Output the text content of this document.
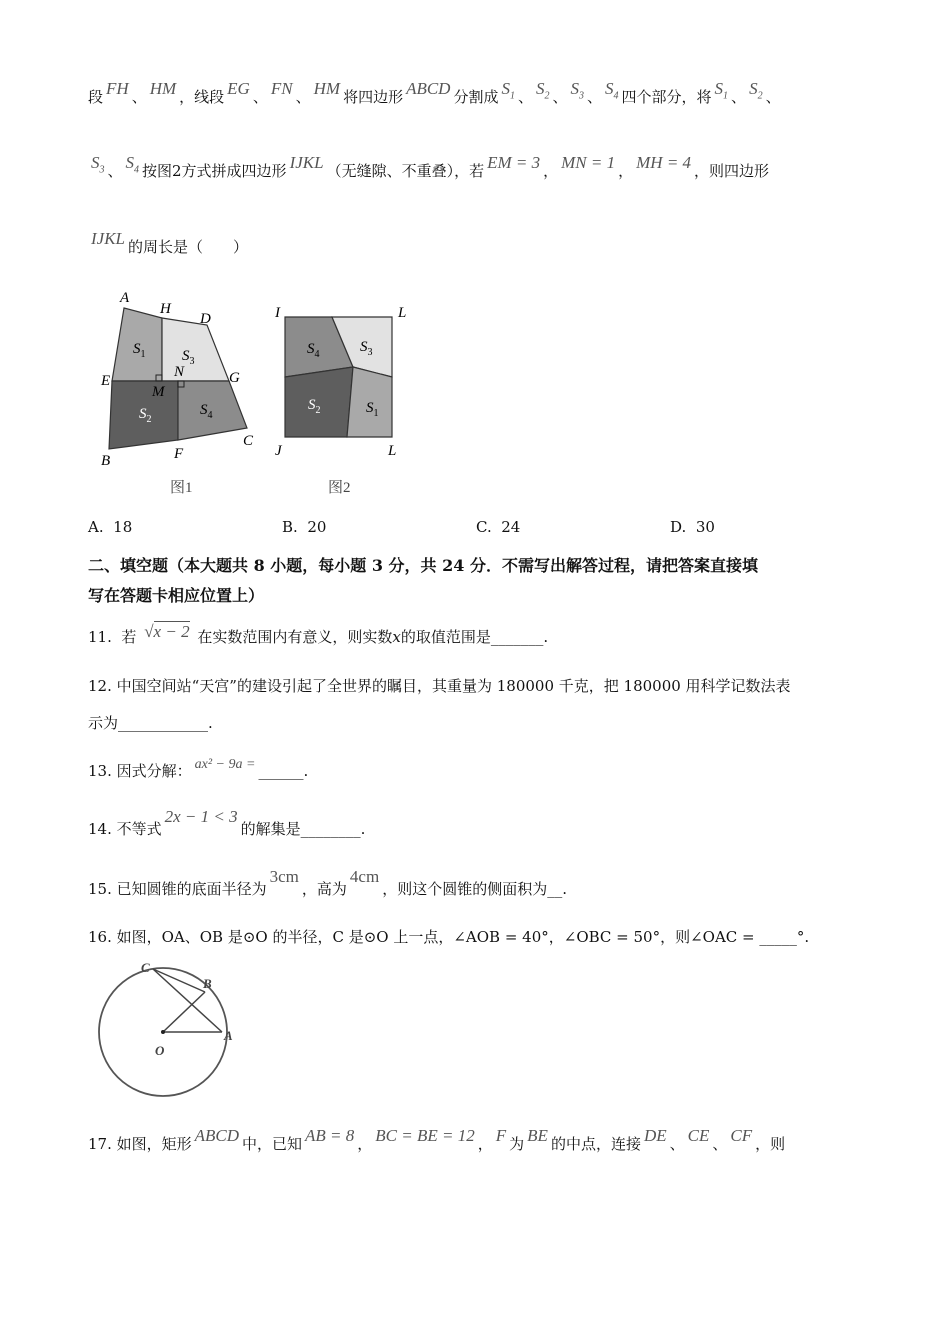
段 FH 、 HM ，线段 EG 、 FN 、 HM 将四边形 ABCD 分割成 $S_1$ 、 $S_2$ 、 $S_3$ 、 $S_4$ 四个部分，将 $S_1$ 、 $S_2$ 、
$S_3$ 、 $S_4$ 按图2方式拼成四边形 IJKL （无缝隙、不重叠），若 EM = 3 ， MN = 1 ， MH = 4 ，则四边形
IJKL 的周长是（　　）
A
H
D
E
M
N	G
B	F
C
$S_1$ $S_3$
$S_2$
$S_4$
图1
I	L
J	L
$S_4$	$S_3$
$S_2$	$S_1$
图2
A. 18	B. 20	C. 24	D. 30
二、填空题（本大题共 8 小题，每小题 3 分，共 24 分．不需写出解答过程，请把答案直接填
写在答题卡相应位置上）
11. 若 √x − 2 在实数范围内有意义，则实数x的取值范围是_______.
12. 中国空间站“天宫”的建设引起了全世界的瞩目，其重量为 180000 千克，把 180000 用科学记数法表
示为____________.
13. 因式分解： ax² − 9a = ______.
14. 不等式2x − 1 < 3的解集是________.
15. 已知圆锥的底面半径为3cm，高为4cm，则这个圆锥的侧面积为__.
16. 如图，OA、OB 是⊙O 的半径，C 是⊙O 上一点，∠AOB = 40°，∠OBC = 50°，则∠OAC = _____°.
C
B
O
A
17. 如图，矩形 ABCD 中，已知 AB = 8 ， BC = BE = 12 ， F 为 BE 的中点，连接 DE 、 CE 、 CF ，则
